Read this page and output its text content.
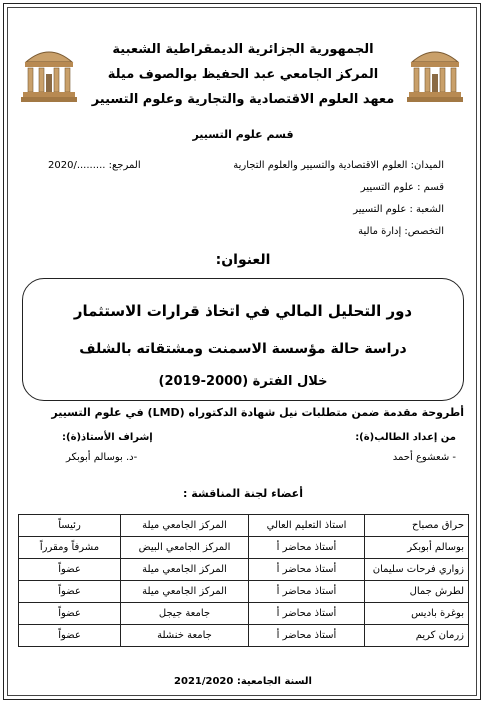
الجمهورية الجزائرية الديمقراطية الشعبية
المركز الجامعي عبد الحفيظ بوالصوف ميلة
معهد العلوم الاقتصادية والتجارية وعلوم التسيير
قسم علوم التسيير
الميدان: العلوم الاقتصادية والتسيير والعلوم التجارية
المرجع: ........./2020
قسم : علوم التسيير
الشعبة : علوم التسيير
التخصص: إدارة مالية
العنوان:
دور التحليل المالي في اتخاذ قرارات الاستثمار
دراسة حالة مؤسسة الاسمنت ومشتقاته بالشلف
خلال الفترة (2000-2019)
أطروحة مقدمة ضمن متطلبات نيل شهادة الدكتوراه (LMD) في علوم التسيير
من إعداد الطالب(ة):
إشراف الأستاذ(ة):
- شعشوع أحمد
-د. بوسالم أبوبكر
أعضاء لجنة المناقشة :
حراق مصباح	استاذ التعليم العالي	المركز الجامعي ميلة	رئيساً
بوسالم أبوبكر	أستاذ محاضر أ	المركز الجامعي البيض	مشرفاً ومقرراً
زواري فرحات سليمان	أستاذ محاضر أ	المركز الجامعي ميلة	عضواً
لطرش جمال	أستاذ محاضر أ	المركز الجامعي ميلة	عضواً
بوغرة باديس	أستاذ محاضر أ	جامعة جيجل	عضواً
زرمان كريم	أستاذ محاضر أ	جامعة خنشلة	عضواً
السنة الجامعية: 2021/2020
